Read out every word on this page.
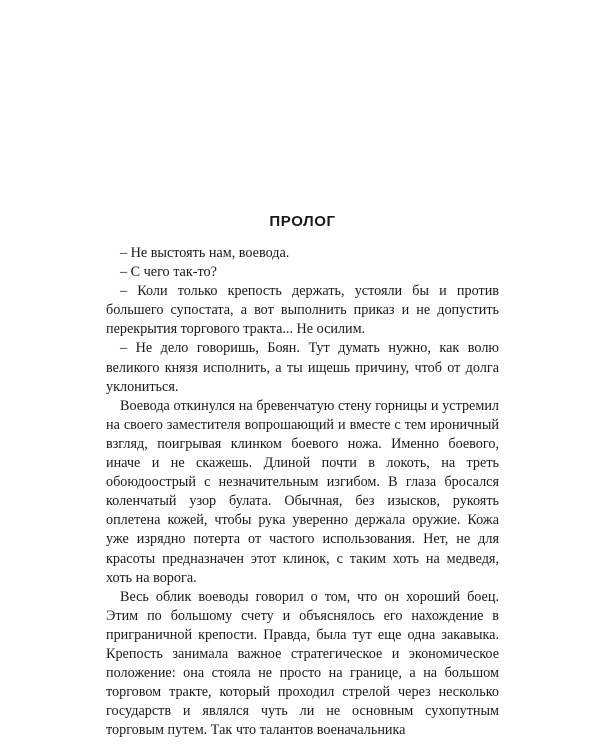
ПРОЛОГ

– Не выстоять нам, воевода.

– С чего так-то?

– Коли только крепость держать, устояли бы и против большего супостата, а вот выполнить приказ и не допустить перекрытия торгового тракта... Не осилим.

– Не дело говоришь, Боян. Тут думать нужно, как волю великого князя исполнить, а ты ищешь причину, чтоб от долга уклониться.

Воевода откинулся на бревенчатую стену горницы и устремил на своего заместителя вопрошающий и вместе с тем ироничный взгляд, поигрывая клинком боевого ножа. Именно боевого, иначе и не скажешь. Длиной почти в локоть, на треть обоюдоострый с незначительным изгибом. В глаза бросался коленчатый узор булата. Обычная, без изысков, рукоять оплетена кожей, чтобы рука уверенно держала оружие. Кожа уже изрядно потерта от частого использования. Нет, не для красоты предназначен этот клинок, с таким хоть на медведя, хоть на ворога.

Весь облик воеводы говорил о том, что он хороший боец. Этим по большому счету и объяснялось его нахождение в приграничной крепости. Правда, была тут еще одна закавыка. Крепость занимала важное стратегическое и экономическое положение: она стояла не просто на границе, а на большом торговом тракте, который проходил стрелой через несколько государств и являлся чуть ли не основным сухопутным торговым путем. Так что талантов военачальника
